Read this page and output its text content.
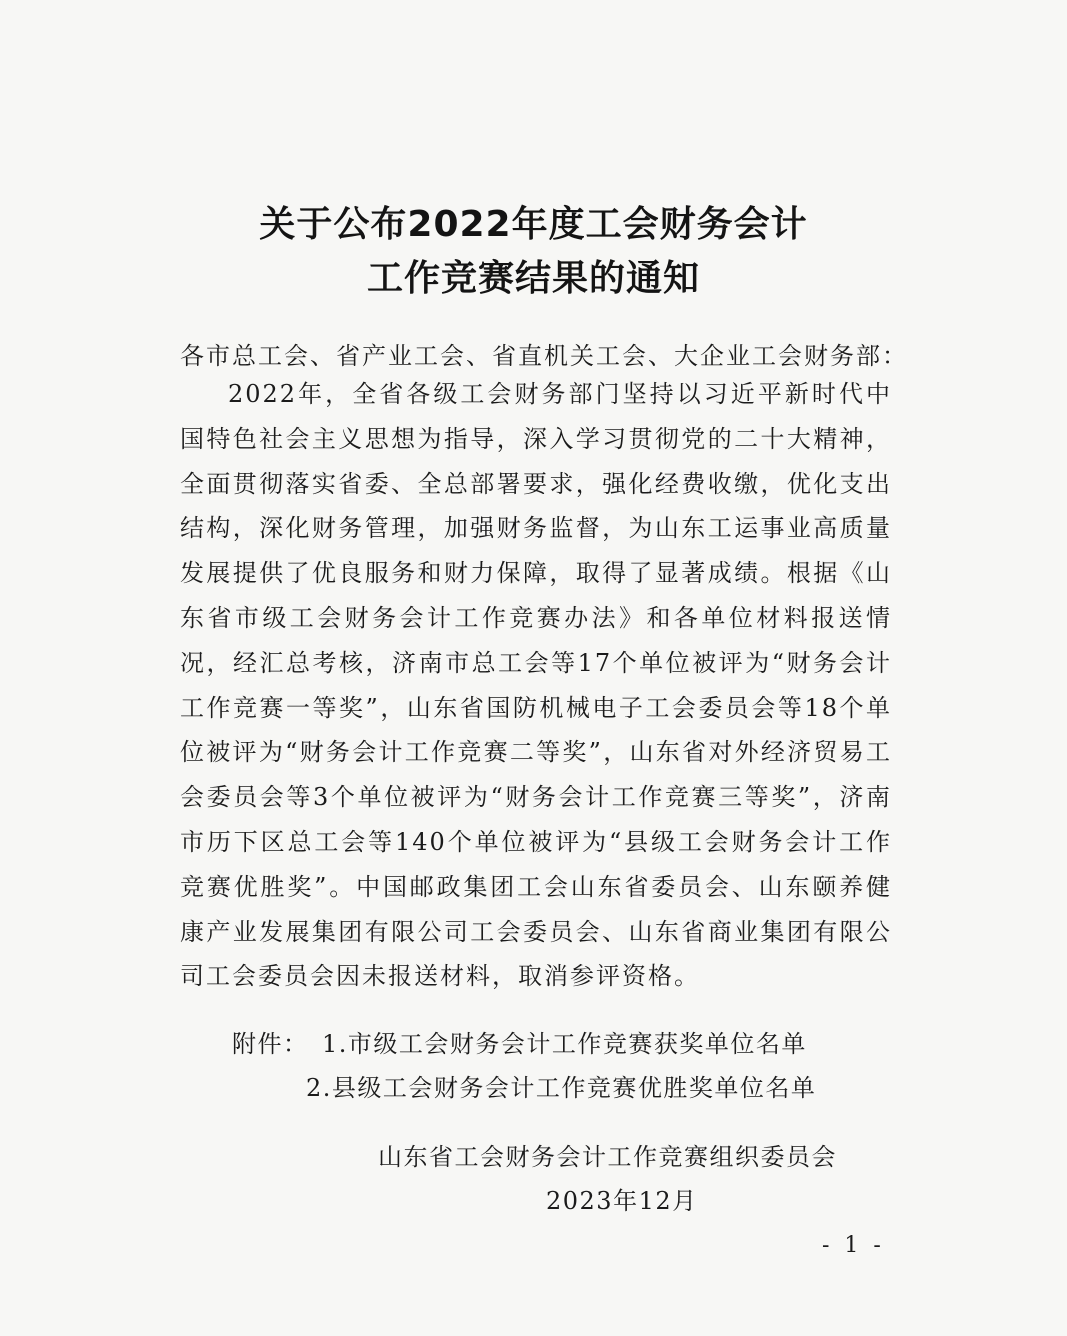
关于公布2022年度工会财务会计
工作竞赛结果的通知
各市总工会、省产业工会、省直机关工会、大企业工会财务部：

2022年，全省各级工会财务部门坚持以习近平新时代中国特色社会主义思想为指导，深入学习贯彻党的二十大精神，全面贯彻落实省委、全总部署要求，强化经费收缴，优化支出结构，深化财务管理，加强财务监督，为山东工运事业高质量发展提供了优良服务和财力保障，取得了显著成绩。根据《山东省市级工会财务会计工作竞赛办法》和各单位材料报送情况，经汇总考核，济南市总工会等17个单位被评为“财务会计工作竞赛一等奖”，山东省国防机械电子工会委员会等18个单位被评为“财务会计工作竞赛二等奖”，山东省对外经济贸易工会委员会等3个单位被评为“财务会计工作竞赛三等奖”，济南市历下区总工会等140个单位被评为“县级工会财务会计工作竞赛优胜奖”。中国邮政集团工会山东省委员会、山东颐养健康产业发展集团有限公司工会委员会、山东省商业集团有限公司工会委员会因未报送材料，取消参评资格。

附件： 1.市级工会财务会计工作竞赛获奖单位名单
2.县级工会财务会计工作竞赛优胜奖单位名单
山东省工会财务会计工作竞赛组织委员会
2023年12月
- 1 -
